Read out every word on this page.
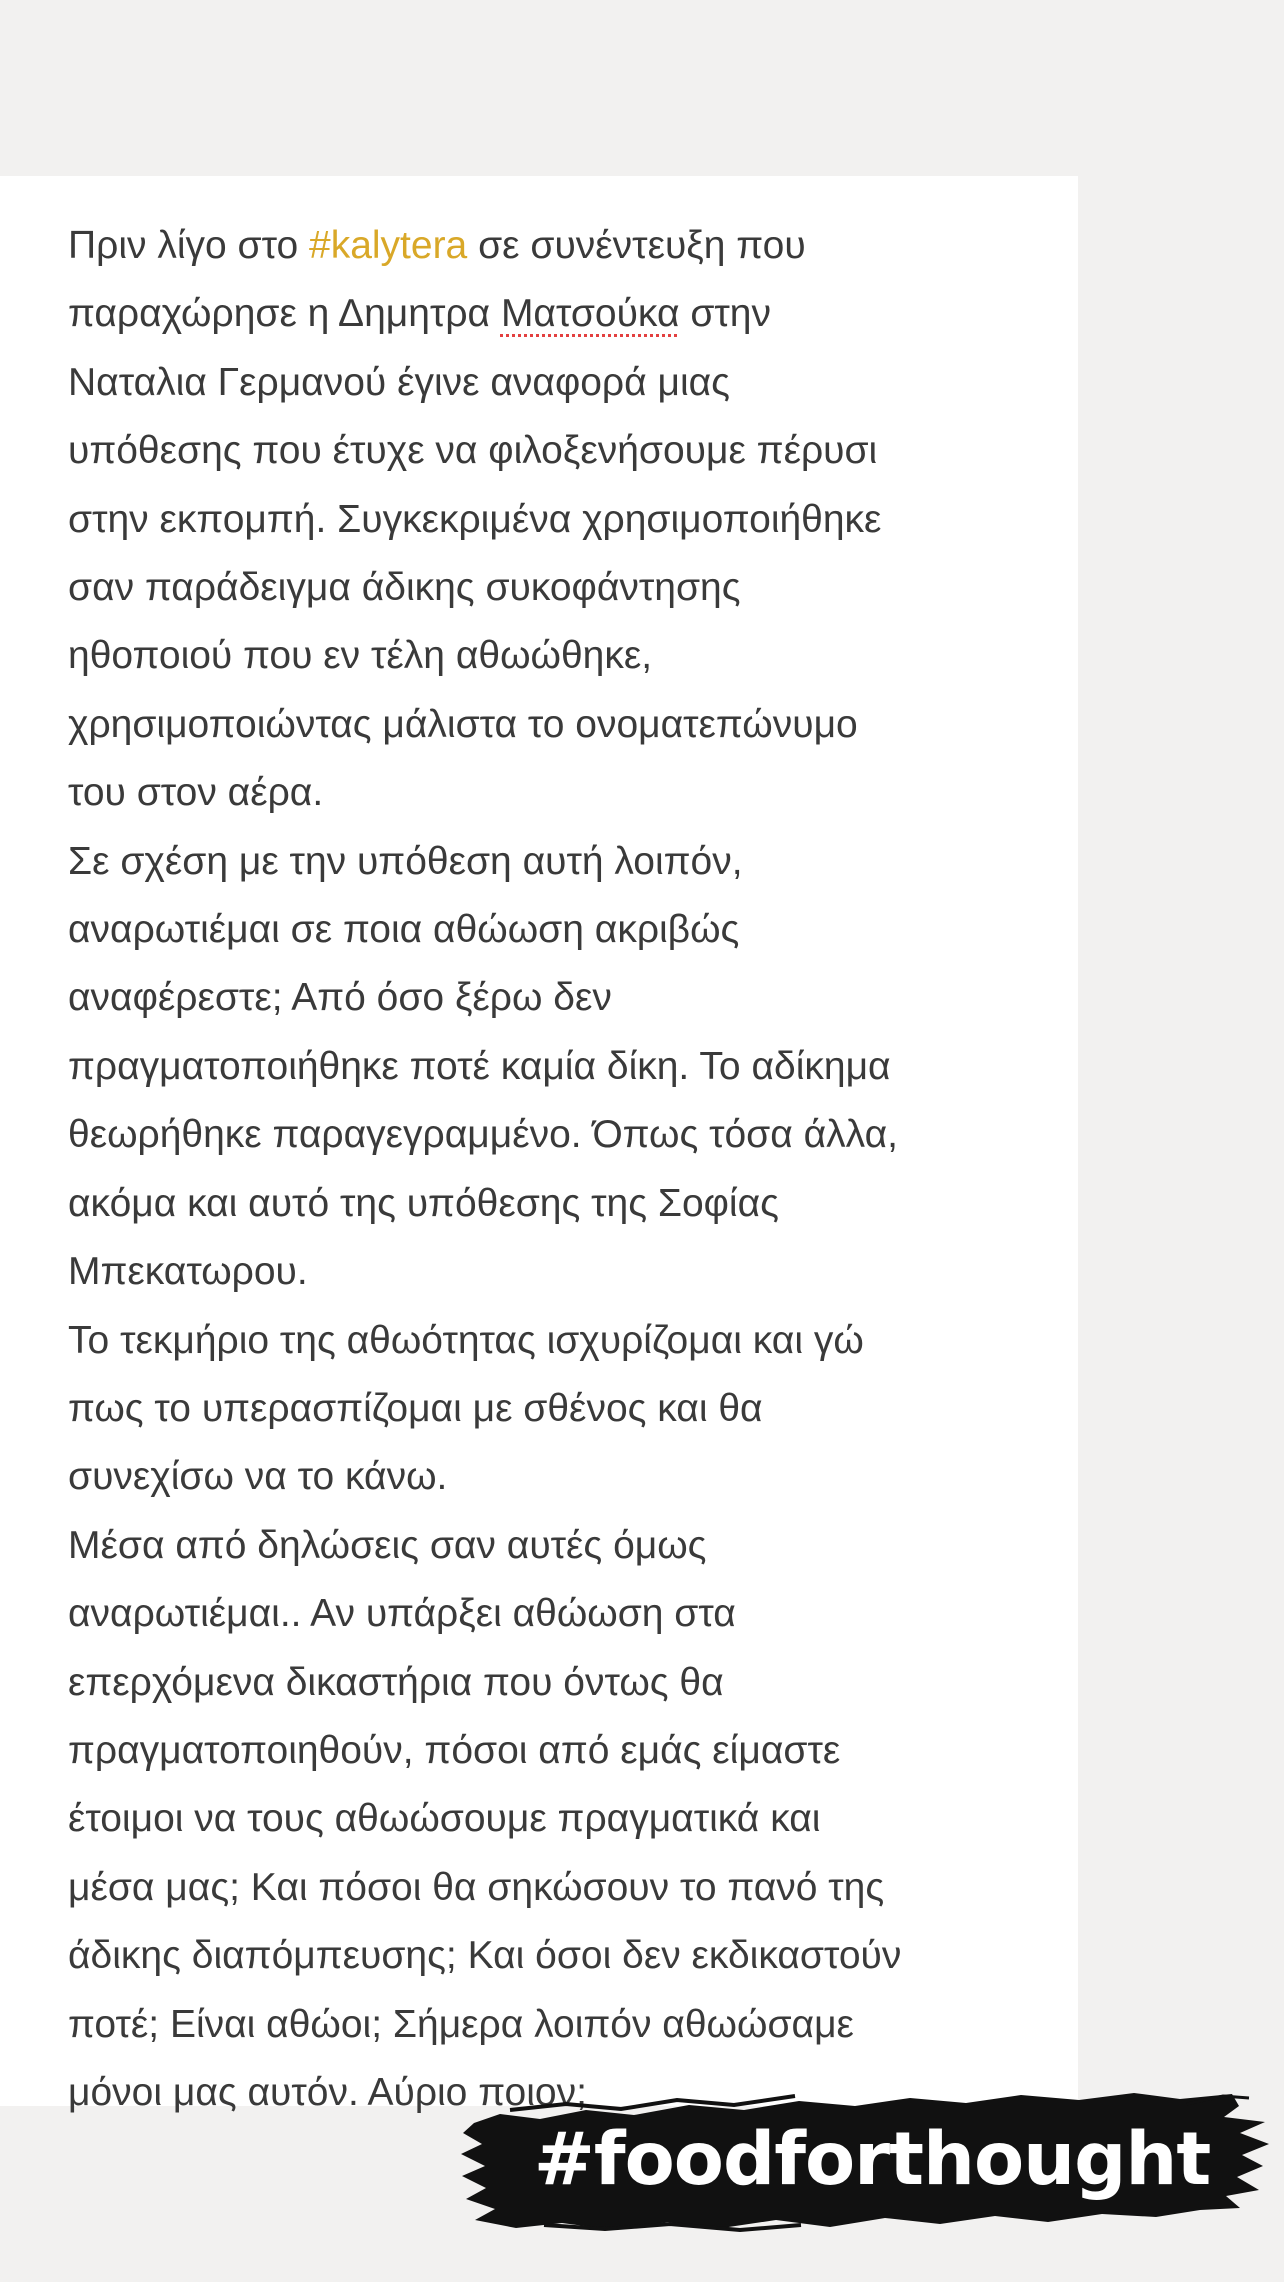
Πριν λίγο στο #kalytera σε συνέντευξη που
παραχώρησε η Δημητρα Ματσούκα στην
Ναταλια Γερμανού έγινε αναφορά μιας
υπόθεσης που έτυχε να φιλοξενήσουμε πέρυσι
στην εκπομπή. Συγκεκριμένα χρησιμοποιήθηκε
σαν παράδειγμα άδικης συκοφάντησης
ηθοποιού που εν τέλη αθωώθηκε,
χρησιμοποιώντας μάλιστα το ονοματεπώνυμο
του στον αέρα.
Σε σχέση με την υπόθεση αυτή λοιπόν,
αναρωτιέμαι σε ποια αθώωση ακριβώς
αναφέρεστε; Από όσο ξέρω δεν
πραγματοποιήθηκε ποτέ καμία δίκη. Το αδίκημα
θεωρήθηκε παραγεγραμμένο. Όπως τόσα άλλα,
ακόμα και αυτό της υπόθεσης της Σοφίας
Μπεκατωρου.
Το τεκμήριο της αθωότητας ισχυρίζομαι και γώ
πως το υπερασπίζομαι με σθένος και θα
συνεχίσω να το κάνω.
Μέσα από δηλώσεις σαν αυτές όμως
αναρωτιέμαι.. Αν υπάρξει αθώωση στα
επερχόμενα δικαστήρια που όντως θα
πραγματοποιηθούν, πόσοι από εμάς είμαστε
έτοιμοι να τους αθωώσουμε πραγματικά και
μέσα μας; Και πόσοι θα σηκώσουν το πανό της
άδικης διαπόμπευσης; Και όσοι δεν εκδικαστούν
ποτέ; Είναι αθώοι; Σήμερα λοιπόν αθωώσαμε
μόνοι μας αυτόν. Αύριο ποιον;
#foodforthought
